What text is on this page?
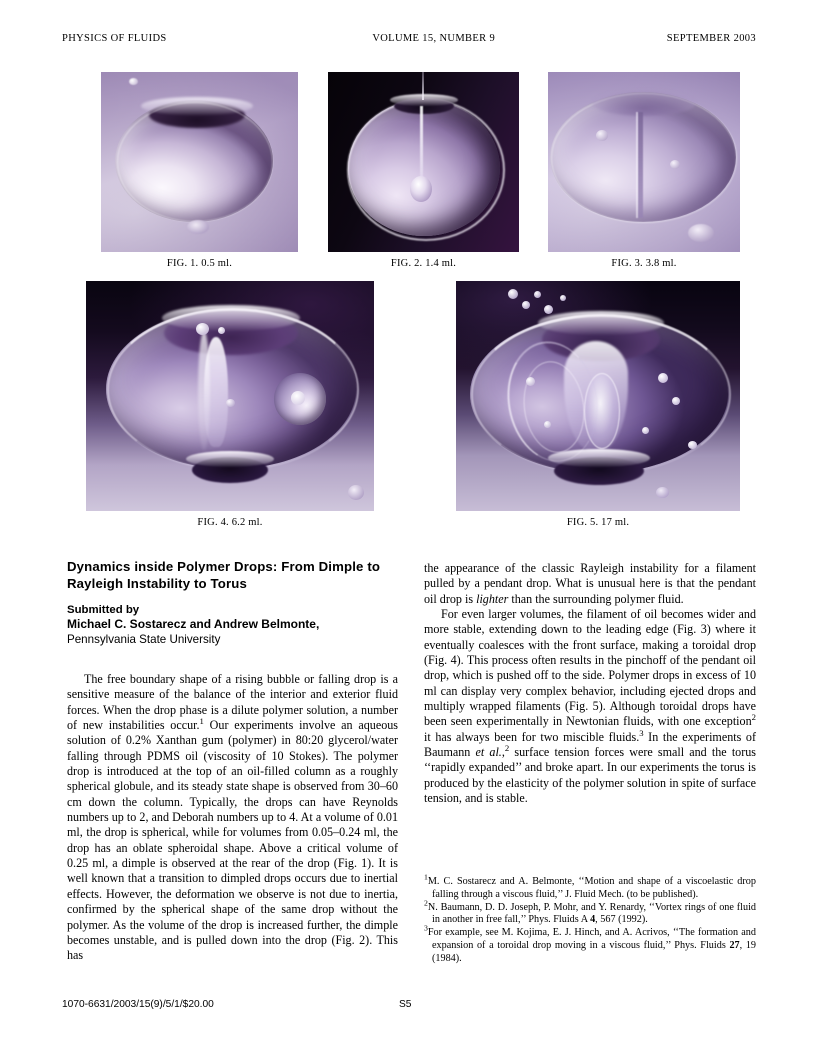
PHYSICS OF FLUIDS	VOLUME 15, NUMBER 9	SEPTEMBER 2003
FIG. 1. 0.5 ml.	FIG. 2. 1.4 ml.	FIG. 3. 3.8 ml.
FIG. 4. 6.2 ml.	FIG. 5. 17 ml.
Dynamics inside Polymer Drops: From Dimple to Rayleigh Instability to Torus

Submitted by

Michael C. Sostarecz and Andrew Belmonte,

Pennsylvania State University

The free boundary shape of a rising bubble or falling drop is a sensitive measure of the balance of the interior and exterior fluid forces. When the drop phase is a dilute polymer solution, a number of new instabilities occur.$^1$ Our experiments involve an aqueous solution of 0.2% Xanthan gum (polymer) in 80:20 glycerol/water falling through PDMS oil (viscosity of 10 Stokes). The polymer drop is introduced at the top of an oil-filled column as a roughly spherical globule, and its steady state shape is observed from 30–60 cm down the column. Typically, the drops can have Reynolds numbers up to 2, and Deborah numbers up to 4. At a volume of 0.01 ml, the drop is spherical, while for volumes from 0.05–0.24 ml, the drop has an oblate spheroidal shape. Above a critical volume of 0.25 ml, a dimple is observed at the rear of the drop (Fig. 1). It is well known that a transition to dimpled drops occurs due to inertial effects. However, the deformation we observe is not due to inertia, confirmed by the spherical shape of the same drop without the polymer. As the volume of the drop is increased further, the dimple becomes unstable, and is pulled down into the drop (Fig. 2). This has

the appearance of the classic Rayleigh instability for a filament pulled by a pendant drop. What is unusual here is that the pendant oil drop is lighter than the surrounding polymer fluid.

For even larger volumes, the filament of oil becomes wider and more stable, extending down to the leading edge (Fig. 3) where it eventually coalesces with the front surface, making a toroidal drop (Fig. 4). This process often results in the pinchoff of the pendant oil drop, which is pushed off to the side. Polymer drops in excess of 10 ml can display very complex behavior, including ejected drops and multiply wrapped filaments (Fig. 5). Although toroidal drops have been seen experimentally in Newtonian fluids, with one exception$^2$ it has always been for two miscible fluids.$^3$ In the experiments of Baumann et al.,$^2$ surface tension forces were small and the torus ‘‘rapidly expanded’’ and broke apart. In our experiments the torus is produced by the elasticity of the polymer solution in spite of surface tension, and is stable.

$^1$M. C. Sostarecz and A. Belmonte, ‘‘Motion and shape of a viscoelastic drop falling through a viscous fluid,’’ J. Fluid Mech. (to be published).
$^2$N. Baumann, D. D. Joseph, P. Mohr, and Y. Renardy, ‘‘Vortex rings of one fluid in another in free fall,’’ Phys. Fluids A 4, 567 (1992).
$^3$For example, see M. Kojima, E. J. Hinch, and A. Acrivos, ‘‘The formation and expansion of a toroidal drop moving in a viscous fluid,’’ Phys. Fluids 27, 19 (1984).
1070-6631/2003/15(9)/5/1/$20.00	S5
